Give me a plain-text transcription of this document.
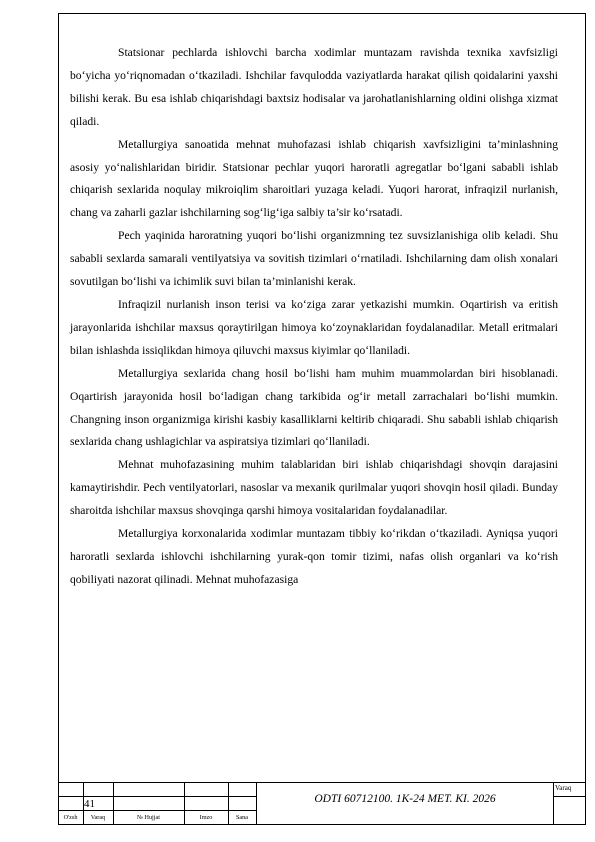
Statsionar pechlarda ishlovchi barcha xodimlar muntazam ravishda texnika xavfsizligi bo‘yicha yo‘riqnomadan o‘tkaziladi. Ishchilar favqulodda vaziyatlarda harakat qilish qoidalarini yaxshi bilishi kerak. Bu esa ishlab chiqarishdagi baxtsiz hodisalar va jarohatlanishlarning oldini olishga xizmat qiladi.

Metallurgiya sanoatida mehnat muhofazasi ishlab chiqarish xavfsizligini ta’minlashning asosiy yo‘nalishlaridan biridir. Statsionar pechlar yuqori haroratli agregatlar bo‘lgani sababli ishlab chiqarish sexlarida noqulay mikroiqlim sharoitlari yuzaga keladi. Yuqori harorat, infraqizil nurlanish, chang va zaharli gazlar ishchilarning sog‘lig‘iga salbiy ta’sir ko‘rsatadi.

Pech yaqinida haroratning yuqori bo‘lishi organizmning tez suvsizlanishiga olib keladi. Shu sababli sexlarda samarali ventilyatsiya va sovitish tizimlari o‘rnatiladi. Ishchilarning dam olish xonalari sovutilgan bo‘lishi va ichimlik suvi bilan ta’minlanishi kerak.

Infraqizil nurlanish inson terisi va ko‘ziga zarar yetkazishi mumkin. Oqartirish va eritish jarayonlarida ishchilar maxsus qoraytirilgan himoya ko‘zoynaklaridan foydalanadilar. Metall eritmalari bilan ishlashda issiqlikdan himoya qiluvchi maxsus kiyimlar qo‘llaniladi.

Metallurgiya sexlarida chang hosil bo‘lishi ham muhim muammolardan biri hisoblanadi. Oqartirish jarayonida hosil bo‘ladigan chang tarkibida og‘ir metall zarrachalari bo‘lishi mumkin. Changning inson organizmiga kirishi kasbiy kasalliklarni keltirib chiqaradi. Shu sababli ishlab chiqarish sexlarida chang ushlagichlar va aspiratsiya tizimlari qo‘llaniladi.

Mehnat muhofazasining muhim talablaridan biri ishlab chiqarishdagi shovqin darajasini kamaytirishdir. Pech ventilyatorlari, nasoslar va mexanik qurilmalar yuqori shovqin hosil qiladi. Bunday sharoitda ishchilar maxsus shovqinga qarshi himoya vositalaridan foydalanadilar.

Metallurgiya korxonalarida xodimlar muntazam tibbiy ko‘rikdan o‘tkaziladi. Ayniqsa yuqori haroratli sexlarda ishlovchi ishchilarning yurak-qon tomir tizimi, nafas olish organlari va ko‘rish qobiliyati nazorat qilinadi. Mehnat muhofazasiga

41	ODTI 60712100. 1K-24 MET. KI. 2026
Varaq
O'zsh	Varaq	№ Hujjat	Imzo	Sana
